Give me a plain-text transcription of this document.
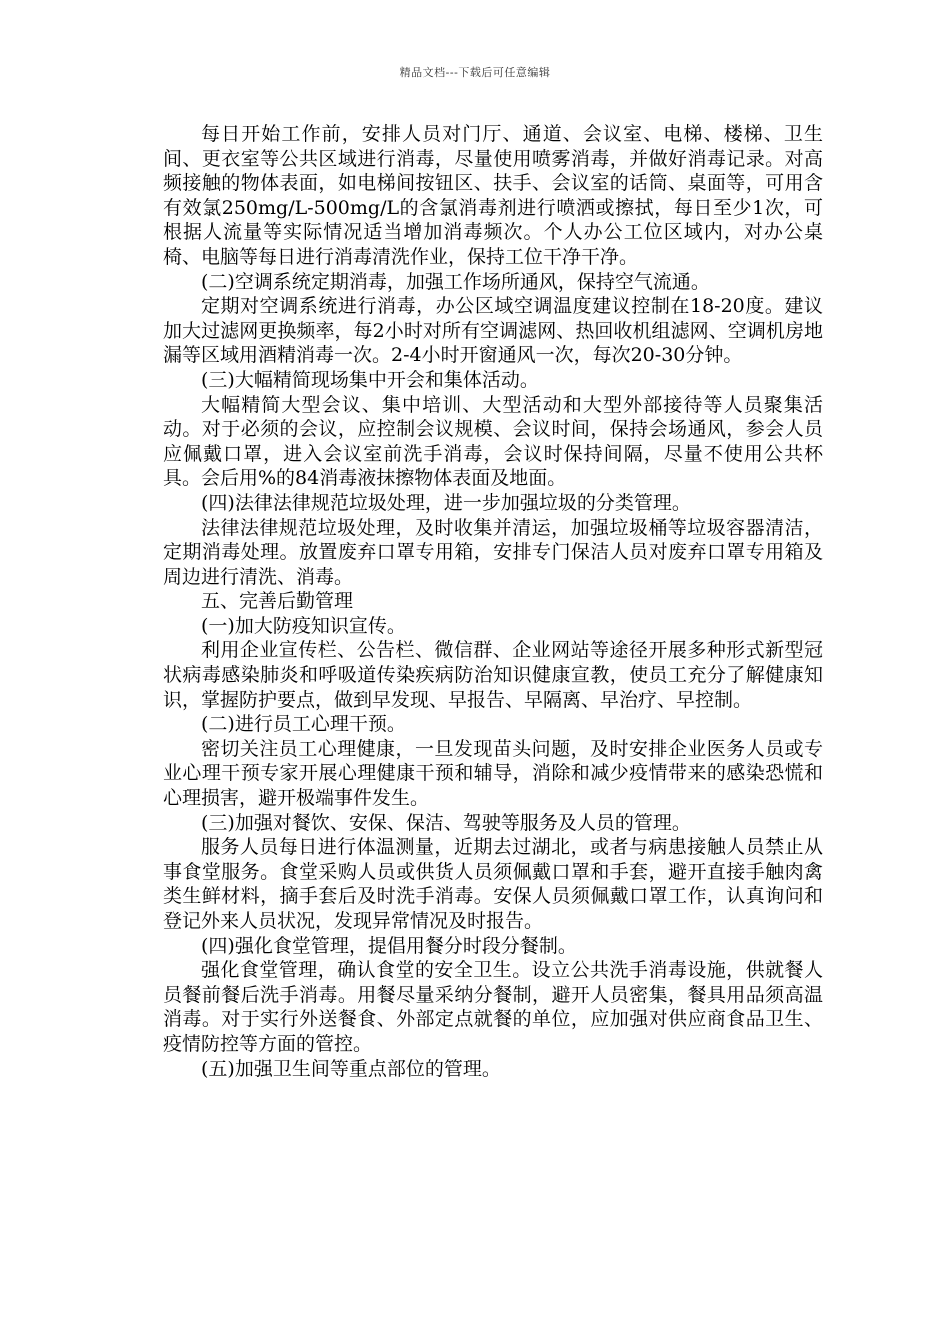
精品文档---下载后可任意编辑

每日开始工作前，安排人员对门厅、通道、会议室、电梯、楼梯、卫生间、更衣室等公共区域进行消毒，尽量使用喷雾消毒，并做好消毒记录。对高频接触的物体表面，如电梯间按钮区、扶手、会议室的话筒、桌面等，可用含有效氯250mg/L-500mg/L的含氯消毒剂进行喷洒或擦拭，每日至少1次，可根据人流量等实际情况适当增加消毒频次。个人办公工位区域内，对办公桌椅、电脑等每日进行消毒清洗作业，保持工位干净干净。

(二)空调系统定期消毒，加强工作场所通风，保持空气流通。

定期对空调系统进行消毒，办公区域空调温度建议控制在18-20度。建议加大过滤网更换频率，每2小时对所有空调滤网、热回收机组滤网、空调机房地漏等区域用酒精消毒一次。2-4小时开窗通风一次，每次20-30分钟。

(三)大幅精简现场集中开会和集体活动。

大幅精简大型会议、集中培训、大型活动和大型外部接待等人员聚集活动。对于必须的会议，应控制会议规模、会议时间，保持会场通风，参会人员应佩戴口罩，进入会议室前洗手消毒，会议时保持间隔，尽量不使用公共杯具。会后用%的84消毒液抹擦物体表面及地面。

(四)法律法律规范垃圾处理，进一步加强垃圾的分类管理。

法律法律规范垃圾处理，及时收集并清运，加强垃圾桶等垃圾容器清洁，定期消毒处理。放置废弃口罩专用箱，安排专门保洁人员对废弃口罩专用箱及周边进行清洗、消毒。

五、完善后勤管理

(一)加大防疫知识宣传。

利用企业宣传栏、公告栏、微信群、企业网站等途径开展多种形式新型冠状病毒感染肺炎和呼吸道传染疾病防治知识健康宣教，使员工充分了解健康知识，掌握防护要点，做到早发现、早报告、早隔离、早治疗、早控制。

(二)进行员工心理干预。

密切关注员工心理健康，一旦发现苗头问题，及时安排企业医务人员或专业心理干预专家开展心理健康干预和辅导，消除和减少疫情带来的感染恐慌和心理损害，避开极端事件发生。

(三)加强对餐饮、安保、保洁、驾驶等服务及人员的管理。

服务人员每日进行体温测量，近期去过湖北，或者与病患接触人员禁止从事食堂服务。食堂采购人员或供货人员须佩戴口罩和手套，避开直接手触肉禽类生鲜材料，摘手套后及时洗手消毒。安保人员须佩戴口罩工作，认真询问和登记外来人员状况，发现异常情况及时报告。

(四)强化食堂管理，提倡用餐分时段分餐制。

强化食堂管理，确认食堂的安全卫生。设立公共洗手消毒设施，供就餐人员餐前餐后洗手消毒。用餐尽量采纳分餐制，避开人员密集，餐具用品须高温消毒。对于实行外送餐食、外部定点就餐的单位，应加强对供应商食品卫生、疫情防控等方面的管控。

(五)加强卫生间等重点部位的管理。
